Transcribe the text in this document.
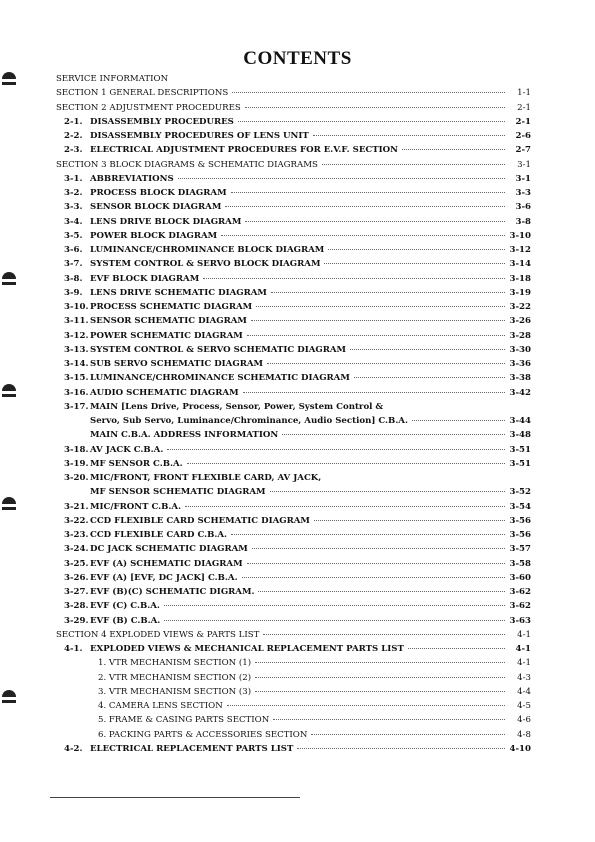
CONTENTS
SERVICE INFORMATION
SECTION 1 GENERAL DESCRIPTIONS	1-1
SECTION 2 ADJUSTMENT PROCEDURES	2-1
2-1. DISASSEMBLY PROCEDURES	2-1
2-2. DISASSEMBLY PROCEDURES OF LENS UNIT	2-6
2-3. ELECTRICAL ADJUSTMENT PROCEDURES FOR E.V.F. SECTION	2-7
SECTION 3 BLOCK DIAGRAMS & SCHEMATIC DIAGRAMS	3-1
3-1. ABBREVIATIONS	3-1
3-2. PROCESS BLOCK DIAGRAM	3-3
3-3. SENSOR BLOCK DIAGRAM	3-6
3-4. LENS DRIVE BLOCK DIAGRAM	3-8
3-5. POWER BLOCK DIAGRAM	3-10
3-6. LUMINANCE/CHROMINANCE BLOCK DIAGRAM	3-12
3-7. SYSTEM CONTROL & SERVO BLOCK DIAGRAM	3-14
3-8. EVF BLOCK DIAGRAM	3-18
3-9. LENS DRIVE SCHEMATIC DIAGRAM	3-19
3-10. PROCESS SCHEMATIC DIAGRAM	3-22
3-11. SENSOR SCHEMATIC DIAGRAM	3-26
3-12. POWER SCHEMATIC DIAGRAM	3-28
3-13. SYSTEM CONTROL & SERVO SCHEMATIC DIAGRAM	3-30
3-14. SUB SERVO SCHEMATIC DIAGRAM	3-36
3-15. LUMINANCE/CHROMINANCE SCHEMATIC DIAGRAM	3-38
3-16. AUDIO SCHEMATIC DIAGRAM	3-42
3-17. MAIN [Lens Drive, Process, Sensor, Power, System Control &
Servo, Sub Servo, Luminance/Chrominance, Audio Section] C.B.A.	3-44
MAIN C.B.A. ADDRESS INFORMATION	3-48
3-18. AV JACK C.B.A.	3-51
3-19. MF SENSOR C.B.A.	3-51
3-20. MIC/FRONT, FRONT FLEXIBLE CARD, AV JACK,
MF SENSOR SCHEMATIC DIAGRAM	3-52
3-21. MIC/FRONT C.B.A.	3-54
3-22. CCD FLEXIBLE CARD SCHEMATIC DIAGRAM	3-56
3-23. CCD FLEXIBLE CARD C.B.A.	3-56
3-24. DC JACK SCHEMATIC DIAGRAM	3-57
3-25. EVF (A) SCHEMATIC DIAGRAM	3-58
3-26. EVF (A) [EVF, DC JACK] C.B.A.	3-60
3-27. EVF (B)(C) SCHEMATIC DIGRAM.	3-62
3-28. EVF (C) C.B.A.	3-62
3-29. EVF (B) C.B.A.	3-63
SECTION 4 EXPLODED VIEWS & PARTS LIST	4-1
4-1. EXPLODED VIEWS & MECHANICAL REPLACEMENT PARTS LIST	4-1
1. VTR MECHANISM SECTION (1)	4-1
2. VTR MECHANISM SECTION (2)	4-3
3. VTR MECHANISM SECTION (3)	4-4
4. CAMERA LENS SECTION	4-5
5. FRAME & CASING PARTS SECTION	4-6
6. PACKING PARTS & ACCESSORIES SECTION	4-8
4-2. ELECTRICAL REPLACEMENT PARTS LIST	4-10
